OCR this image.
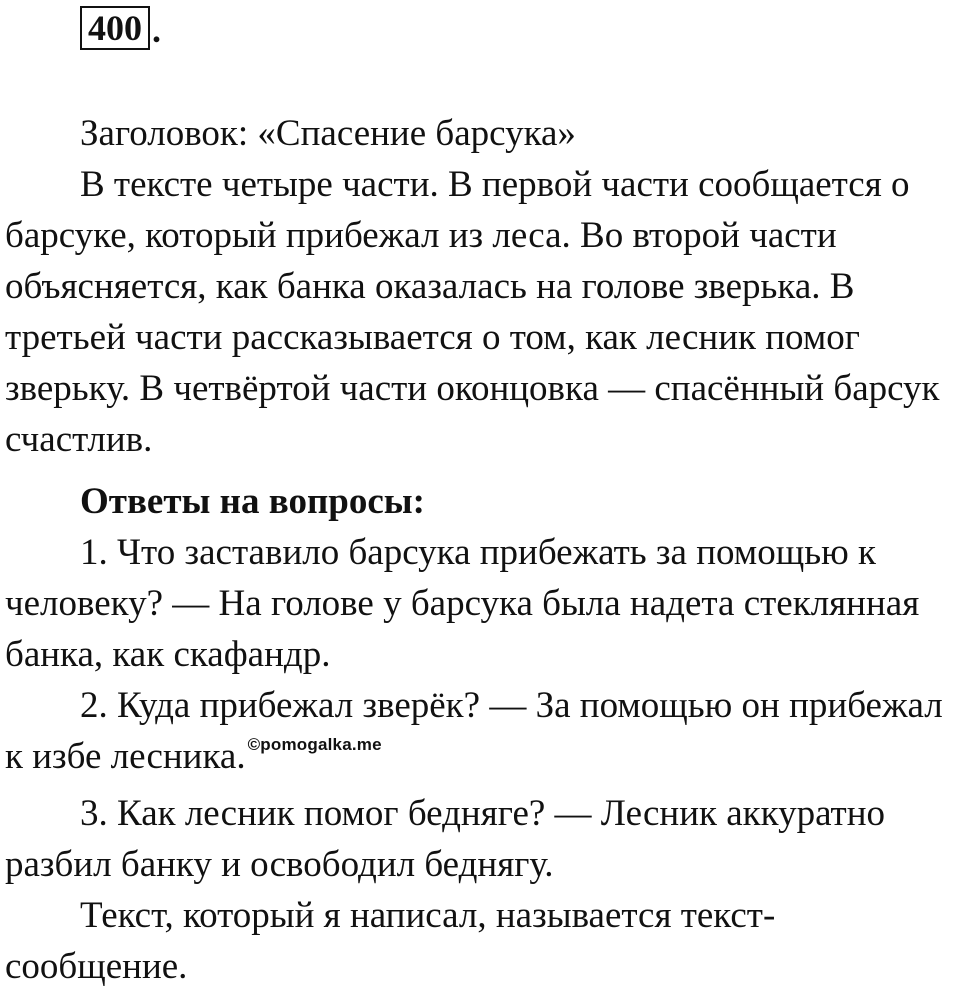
400 .

Заголовок: «Спасение барсука»

В тексте четыре части. В первой части сообщается о барсуке, который прибежал из леса. Во второй части объясняется, как банка оказалась на голове зверька. В третьей части рассказывается о том, как лесник помог зверьку. В четвёртой части оконцовка — спасённый барсук счастлив.

Ответы на вопросы:

1. Что заставило барсука прибежать за помощью к человеку? — На голове у барсука была надета стеклянная банка, как скафандр.

2. Куда прибежал зверёк? — За помощью он прибежал к избе лесника. $^{©pomogalka.me}$

3. Как лесник помог бедняге? — Лесник аккуратно разбил банку и освободил беднягу.

Текст, который я написал, называется текст-сообщение.
